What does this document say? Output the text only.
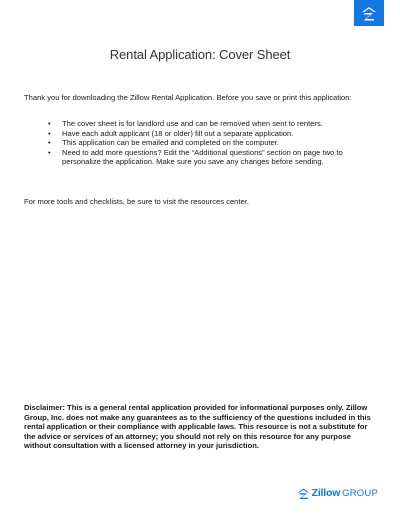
Rental Application: Cover Sheet

Thank you for downloading the Zillow Rental Application. Before you save or print this application:

• The cover sheet is for landlord use and can be removed when sent to renters.
• Have each adult applicant (18 or older) fill out a separate application.
• This application can be emailed and completed on the computer.
• Need to add more questions? Edit the “Additional questions” section on page two to personalize the application. Make sure you save any changes before sending.

For more tools and checklists, be sure to visit the resources center.

Disclaimer: This is a general rental application provided for informational purposes only. Zillow Group, Inc. does not make any guarantees as to the sufficiency of the questions included in this rental application or their compliance with applicable laws. This resource is not a substitute for the advice or services of an attorney; you should not rely on this resource for any purpose without consultation with a licensed attorney in your jurisdiction.

Zillow GROUP
